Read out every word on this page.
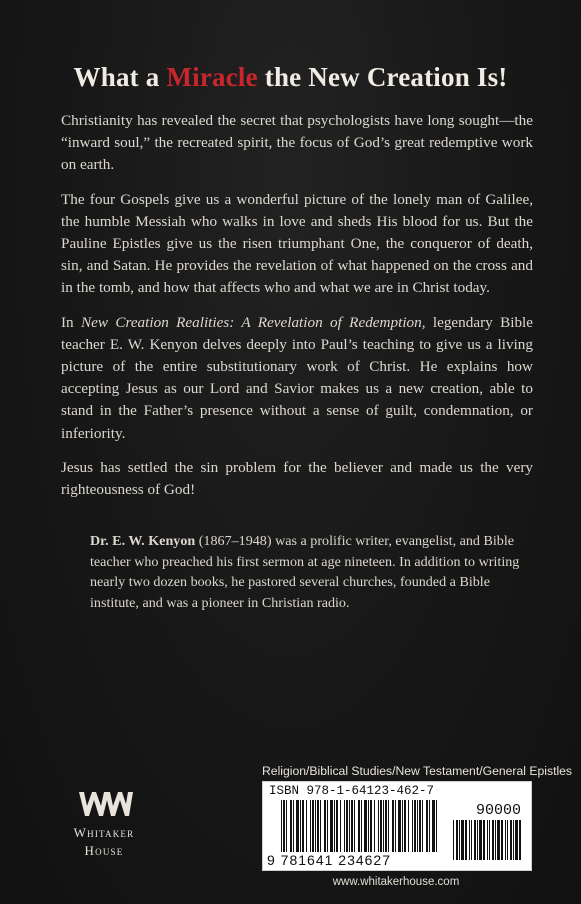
What a Miracle the New Creation Is!

Christianity has revealed the secret that psychologists have long sought—the “inward soul,” the recreated spirit, the focus of God’s great redemptive work on earth.

The four Gospels give us a wonderful picture of the lonely man of Galilee, the humble Messiah who walks in love and sheds His blood for us. But the Pauline Epistles give us the risen triumphant One, the conqueror of death, sin, and Satan. He provides the revelation of what happened on the cross and in the tomb, and how that affects who and what we are in Christ today.

In New Creation Realities: A Revelation of Redemption, legendary Bible teacher E. W. Kenyon delves deeply into Paul’s teaching to give us a living picture of the entire substitutionary work of Christ. He explains how accepting Jesus as our Lord and Savior makes us a new creation, able to stand in the Father’s presence without a sense of guilt, condemnation, or inferiority.

Jesus has settled the sin problem for the believer and made us the very righteousness of God!

Dr. E. W. Kenyon (1867–1948) was a prolific writer, evangelist, and Bible teacher who preached his first sermon at age nineteen. In addition to writing nearly two dozen books, he pastored several churches, founded a Bible institute, and was a pioneer in Christian radio.

Religion/Biblical Studies/New Testament/General Epistles
Whitaker
House
ISBN 978-1-64123-462-7
90000
9 781641 234627
www.whitakerhouse.com
